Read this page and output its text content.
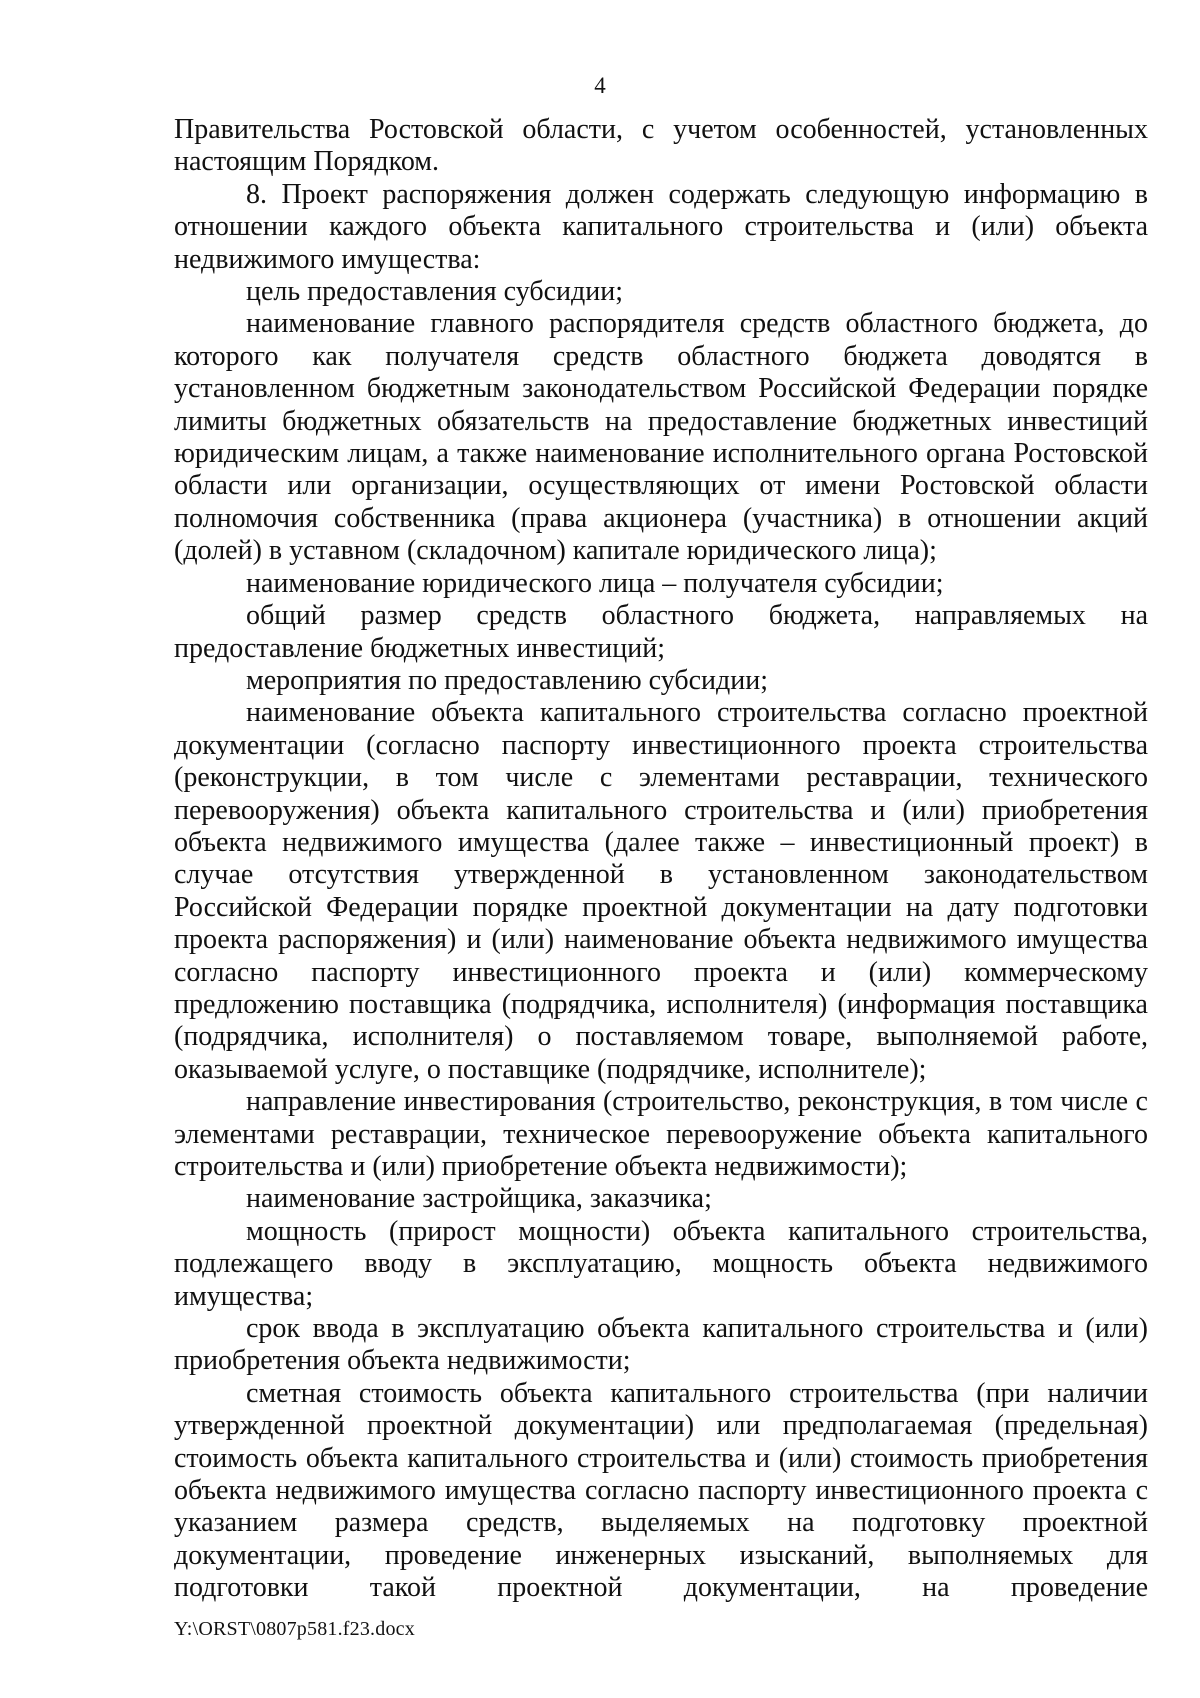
4

Правительства Ростовской области, с учетом особенностей, установленных настоящим Порядком.

8. Проект распоряжения должен содержать следующую информацию в отношении каждого объекта капитального строительства и (или) объекта недвижимого имущества:

цель предоставления субсидии;

наименование главного распорядителя средств областного бюджета, до которого как получателя средств областного бюджета доводятся в установленном бюджетным законодательством Российской Федерации порядке лимиты бюджетных обязательств на предоставление бюджетных инвестиций юридическим лицам, а также наименование исполнительного органа Ростовской области или организации, осуществляющих от имени Ростовской области полномочия собственника (права акционера (участника) в отношении акций (долей) в уставном (складочном) капитале юридического лица);

наименование юридического лица – получателя субсидии;

общий размер средств областного бюджета, направляемых на предоставление бюджетных инвестиций;

мероприятия по предоставлению субсидии;

наименование объекта капитального строительства согласно проектной документации (согласно паспорту инвестиционного проекта строительства (реконструкции, в том числе с элементами реставрации, технического перевооружения) объекта капитального строительства и (или) приобретения объекта недвижимого имущества (далее также – инвестиционный проект) в случае отсутствия утвержденной в установленном законодательством Российской Федерации порядке проектной документации на дату подготовки проекта распоряжения) и (или) наименование объекта недвижимого имущества согласно паспорту инвестиционного проекта и (или) коммерческому предложению поставщика (подрядчика, исполнителя) (информация поставщика (подрядчика, исполнителя) о поставляемом товаре, выполняемой работе, оказываемой услуге, о поставщике (подрядчике, исполнителе);

направление инвестирования (строительство, реконструкция, в том числе с элементами реставрации, техническое перевооружение объекта капитального строительства и (или) приобретение объекта недвижимости);

наименование застройщика, заказчика;

мощность (прирост мощности) объекта капитального строительства, подлежащего вводу в эксплуатацию, мощность объекта недвижимого имущества;

срок ввода в эксплуатацию объекта капитального строительства и (или) приобретения объекта недвижимости;

сметная стоимость объекта капитального строительства (при наличии утвержденной проектной документации) или предполагаемая (предельная) стоимость объекта капитального строительства и (или) стоимость приобретения объекта недвижимого имущества согласно паспорту инвестиционного проекта с указанием размера средств, выделяемых на подготовку проектной документации, проведение инженерных изысканий, выполняемых для подготовки такой проектной документации, на проведение

Y:\ORST\0807p581.f23.docx
